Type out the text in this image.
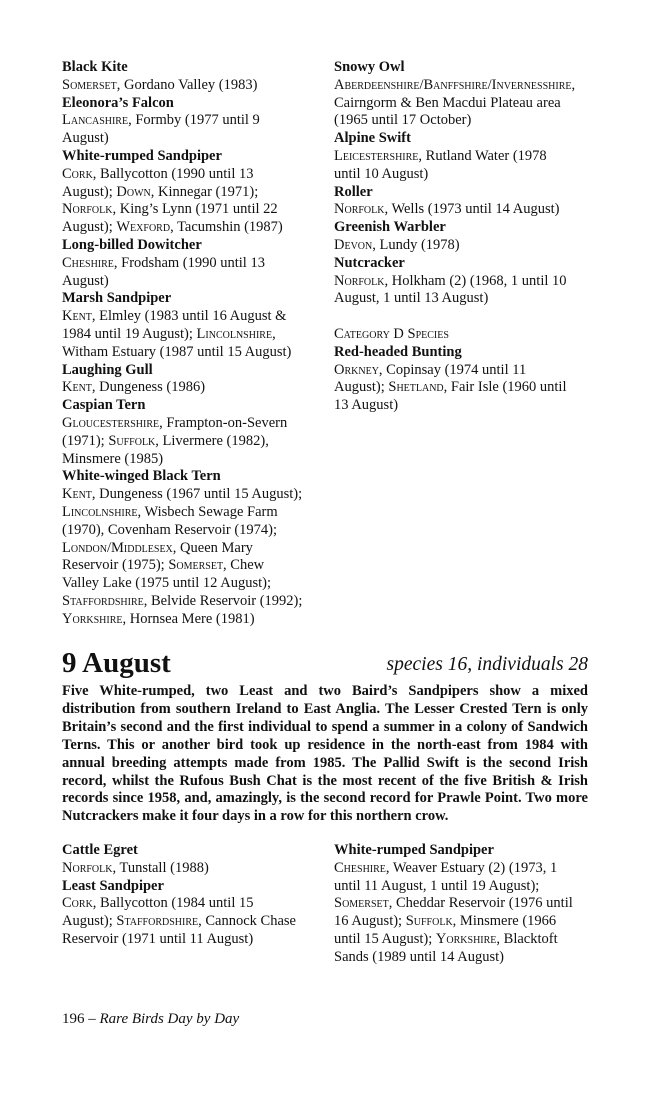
Black Kite
Somerset, Gordano Valley (1983)
Eleonora’s Falcon
Lancashire, Formby (1977 until 9
August)
White-rumped Sandpiper
Cork, Ballycotton (1990 until 13
August); Down, Kinnegar (1971);
Norfolk, King’s Lynn (1971 until 22
August); Wexford, Tacumshin (1987)
Long-billed Dowitcher
Cheshire, Frodsham (1990 until 13
August)
Marsh Sandpiper
Kent, Elmley (1983 until 16 August &
1984 until 19 August); Lincolnshire,
Witham Estuary (1987 until 15 August)
Laughing Gull
Kent, Dungeness (1986)
Caspian Tern
Gloucestershire, Frampton-on-Severn
(1971); Suffolk, Livermere (1982),
Minsmere (1985)
White-winged Black Tern
Kent, Dungeness (1967 until 15 August);
Lincolnshire, Wisbech Sewage Farm
(1970), Covenham Reservoir (1974);
London/Middlesex, Queen Mary
Reservoir (1975); Somerset, Chew
Valley Lake (1975 until 12 August);
Staffordshire, Belvide Reservoir (1992);
Yorkshire, Hornsea Mere (1981)
Snowy Owl
Aberdeenshire/Banffshire/Invernesshire,
Cairngorm & Ben Macdui Plateau area
(1965 until 17 October)
Alpine Swift
Leicestershire, Rutland Water (1978
until 10 August)
Roller
Norfolk, Wells (1973 until 14 August)
Greenish Warbler
Devon, Lundy (1978)
Nutcracker
Norfolk, Holkham (2) (1968, 1 until 10
August, 1 until 13 August)
Category D Species
Red-headed Bunting
Orkney, Copinsay (1974 until 11
August); Shetland, Fair Isle (1960 until
13 August)
9 August	species 16, individuals 28
Five White-rumped, two Least and two Baird’s Sandpipers show a mixed distribution from southern Ireland to East Anglia. The Lesser Crested Tern is only Britain’s second and the first individual to spend a summer in a colony of Sandwich Terns. This or another bird took up residence in the north-east from 1984 with annual breeding attempts made from 1985. The Pallid Swift is the second Irish record, whilst the Rufous Bush Chat is the most recent of the five British & Irish records since 1958, and, amazingly, is the second record for Prawle Point. Two more Nutcrackers make it four days in a row for this northern crow.
Cattle Egret
Norfolk, Tunstall (1988)
Least Sandpiper
Cork, Ballycotton (1984 until 15
August); Staffordshire, Cannock Chase
Reservoir (1971 until 11 August)
White-rumped Sandpiper
Cheshire, Weaver Estuary (2) (1973, 1
until 11 August, 1 until 19 August);
Somerset, Cheddar Reservoir (1976 until
16 August); Suffolk, Minsmere (1966
until 15 August); Yorkshire, Blacktoft
Sands (1989 until 14 August)
196 – Rare Birds Day by Day
